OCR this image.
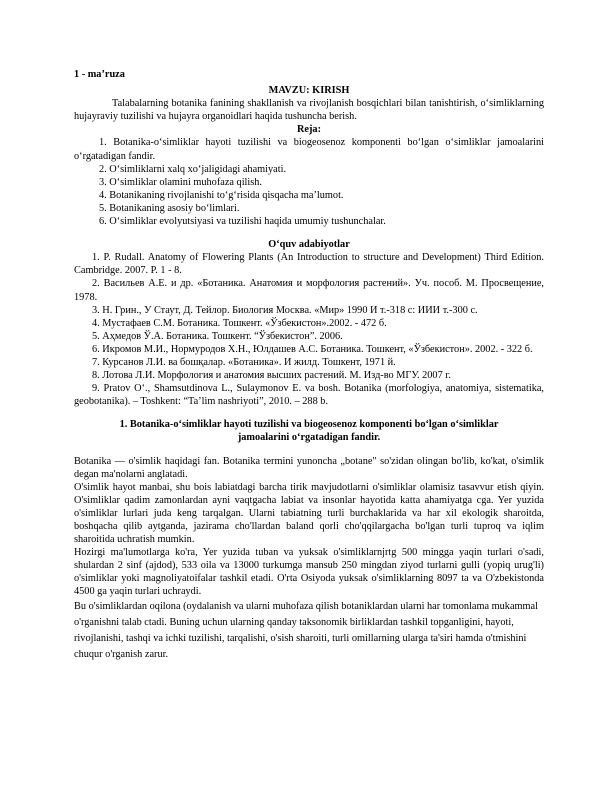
1 - ma’ruza
MAVZU: KIRISH
Talabalarning botanika fanining shakllanish va rivojlanish bosqichlari bilan tanishtirish, o‘simliklarning hujayraviy tuzilishi va hujayra organoidlari haqida tushuncha berish.
Reja:
1. Botanika-o‘simliklar hayoti tuzilishi va biogeosenoz komponenti bo‘lgan o‘simliklar jamoalarini o‘rgatadigan fandir.
2. O‘simliklarni xalq xo‘jaligidagi ahamiyati.
3. O‘simliklar olamini muhofaza qilish.
4. Botanikaning rivojlanishi to‘g‘risida qisqacha ma’lumot.
5. Botanikaning asosiy bo‘limlari.
6. O‘simliklar evolyutsiyasi va tuzilishi haqida umumiy tushunchalar.
O‘quv adabiyotlar
1. P. Rudall. Anatomy of Flowering Plants (An Introduction to structure and Development) Third Edition. Cambridge. 2007. P. 1 - 8.
2. Васильев А.Е. и др. «Ботаника. Анатомия и морфология растений». Уч. пособ. М. Просвещение, 1978.
3. Н. Грин., У Стаут, Д. Тейлор. Биология Москва. «Мир» 1990 И т.-318 с: ИИИ т.-300 с.
4. Мустафаев С.М. Ботаника. Тошкент. «Ўзбекистон».2002. - 472 б.
5. Аҳмедов Ў.А. Ботаника. Тошкент. “Ўзбекистон”. 2006.
6. Икромов М.И., Нормуродов Х.Н., Юлдашев А.С. Ботаника. Тошкент, «Ўзбекистон». 2002. - 322 б.
7. Курсанов Л.И. ва бошқалар. «Ботаника». И жилд. Тошкент, 1971 й.
8. Лотова Л.И. Морфология и анатомия высших растений. М. Изд-во МГУ. 2007 г.
9. Pratov O‘., Shamsutdinova L., Sulaymonov E. va bosh. Botanika (morfologiya, anatomiya, sistematika, geobotanika). – Toshkent: “Ta’lim nashriyoti”, 2010. – 288 b.
1. Botanika-o‘simliklar hayoti tuzilishi va biogeosenoz komponenti bo‘lgan o‘simliklar jamoalarini o‘rgatadigan fandir.
Botanika — o'simlik haqidagi fan. Botanika termini yunoncha „botane" so'zidan olingan bo'lib, ko'kat, o'simlik degan ma'nolarni anglatadi.
O'simlik hayot manbai, shu bois labiatdagi barcha tirik mavjudotlarni o'simliklar olamisiz tasavvur etish qiyin. O'simliklar qadim zamonlardan ayni vaqtgacha labiat va insonlar hayotida katta ahamiyatga cga. Yer yuzida o'simliklar lurlari juda keng tarqalgan. Ularni tabiatning turli burchaklarida va har xil ekologik sharoitda, boshqacha qilib aytganda, jazirama cho'llardan baland qorli cho'qqilargacha bo'lgan turli tuproq va iqlim sharoitida uchratish mumkin.
Hozirgi ma'lumotlarga ko'ra, Yer yuzida tuban va yuksak o'simliklarnjrtg 500 mingga yaqin turlari o'sadi, shulardan 2 sinf (ajdod), 533 oila va 13000 turkumga mansub 250 mingdan ziyod turlarni gulli (yopiq urug'li) o'simliklar yoki magnoliyatoifalar tashkil etadi. O'rta Osiyoda yuksak o'simliklarning 8097 ta va O'zbekistonda 4500 ga yaqin turlari uchraydi.
Bu o'simliklardan oqilona (oydalanish va ularni muhofaza qilish botaniklardan ularni har tomonlama mukammal o'rganishni talab ctadi. Buning uchun ularning qanday taksonomik birliklardan tashkil topganligini, hayoti, rivojlanishi, tashqi va ichki tuzilishi, tarqalishi, o'sish sharoiti, turli omillarning ularga ta'siri hamda o'tmishini chuqur o'rganish zarur.
